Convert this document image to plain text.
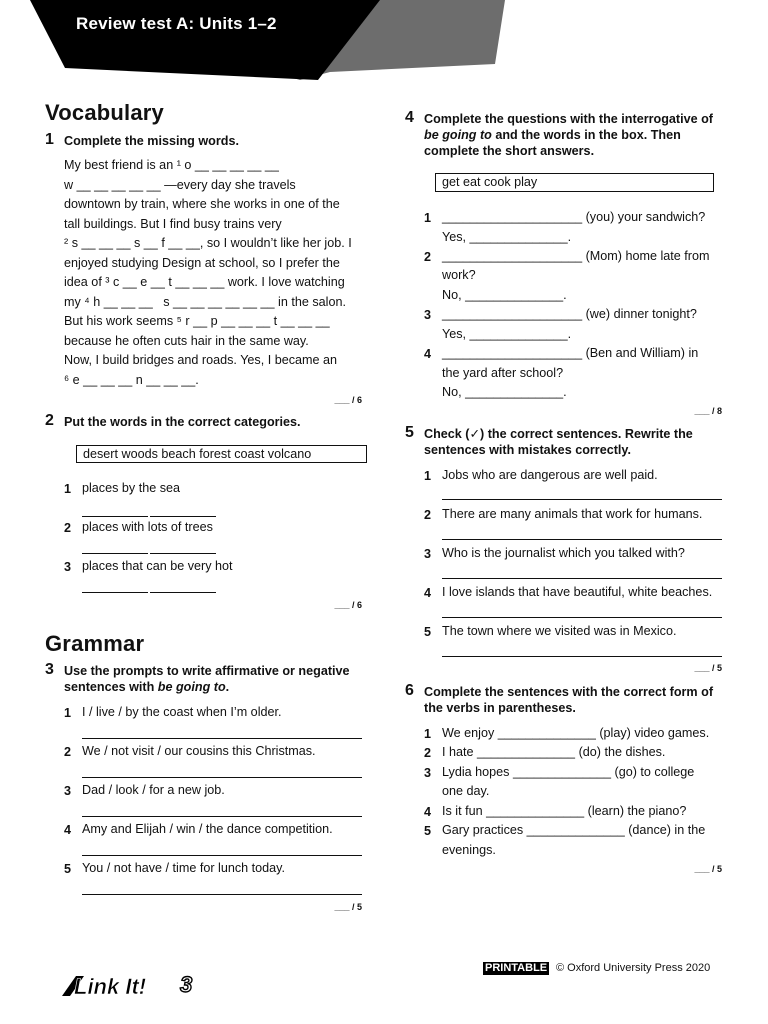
Review test A: Units 1–2
Vocabulary
1 Complete the missing words.
My best friend is an ¹ o __ __ __ __ __
w __ __ __ __ __ —every day she travels
downtown by train, where she works in one of the
tall buildings. But I find busy trains very
² s __ __ __ s __ f __ __, so I wouldn’t like her job. I
enjoyed studying Design at school, so I prefer the
idea of ³ c __ e __ t __ __ __ work. I love watching
my ⁴ h __ __ __   s __ __ __ __ __ __ in the salon.
But his work seems ⁵ r __ p __ __ __ t __ __ __
because he often cuts hair in the same way.
Now, I build bridges and roads. Yes, I became an
⁶ e __ __ __ n __ __ __.
___ / 6
2 Put the words in the correct categories.
desert woods beach forest coast volcano
1 places by the sea
2 places with lots of trees
3 places that can be very hot
___ / 6
Grammar
3 Use the prompts to write affirmative or negative
sentences with be going to.
1 I / live / by the coast when I’m older.
2 We / not visit / our cousins this Christmas.
3 Dad / look / for a new job.
4 Amy and Elijah / win / the dance competition.
5 You / not have / time for lunch today.
___ / 5
4 Complete the questions with the interrogative of
be going to and the words in the box. Then
complete the short answers.
get eat cook play
1 ____________________ (you) your sandwich?
Yes, ______________.
2 ____________________ (Mom) home late from
work?
No, ______________.
3 ____________________ (we) dinner tonight?
Yes, ______________.
4 ____________________ (Ben and William) in
the yard after school?
No, ______________.
___ / 8
5 Check (✓) the correct sentences. Rewrite the
sentences with mistakes correctly.
1 Jobs who are dangerous are well paid.
2 There are many animals that work for humans.
3 Who is the journalist which you talked with?
4 I love islands that have beautiful, white beaches.
5 The town where we visited was in Mexico.
___ / 5
6 Complete the sentences with the correct form of
the verbs in parentheses.
1 We enjoy ______________ (play) video games.
2 I hate ______________ (do) the dishes.
3 Lydia hopes ______________ (go) to college
one day.
4 Is it fun ______________ (learn) the piano?
5 Gary practices ______________ (dance) in the
evenings.
___ / 5
Link It! 3
PRINTABLE © Oxford University Press 2020
